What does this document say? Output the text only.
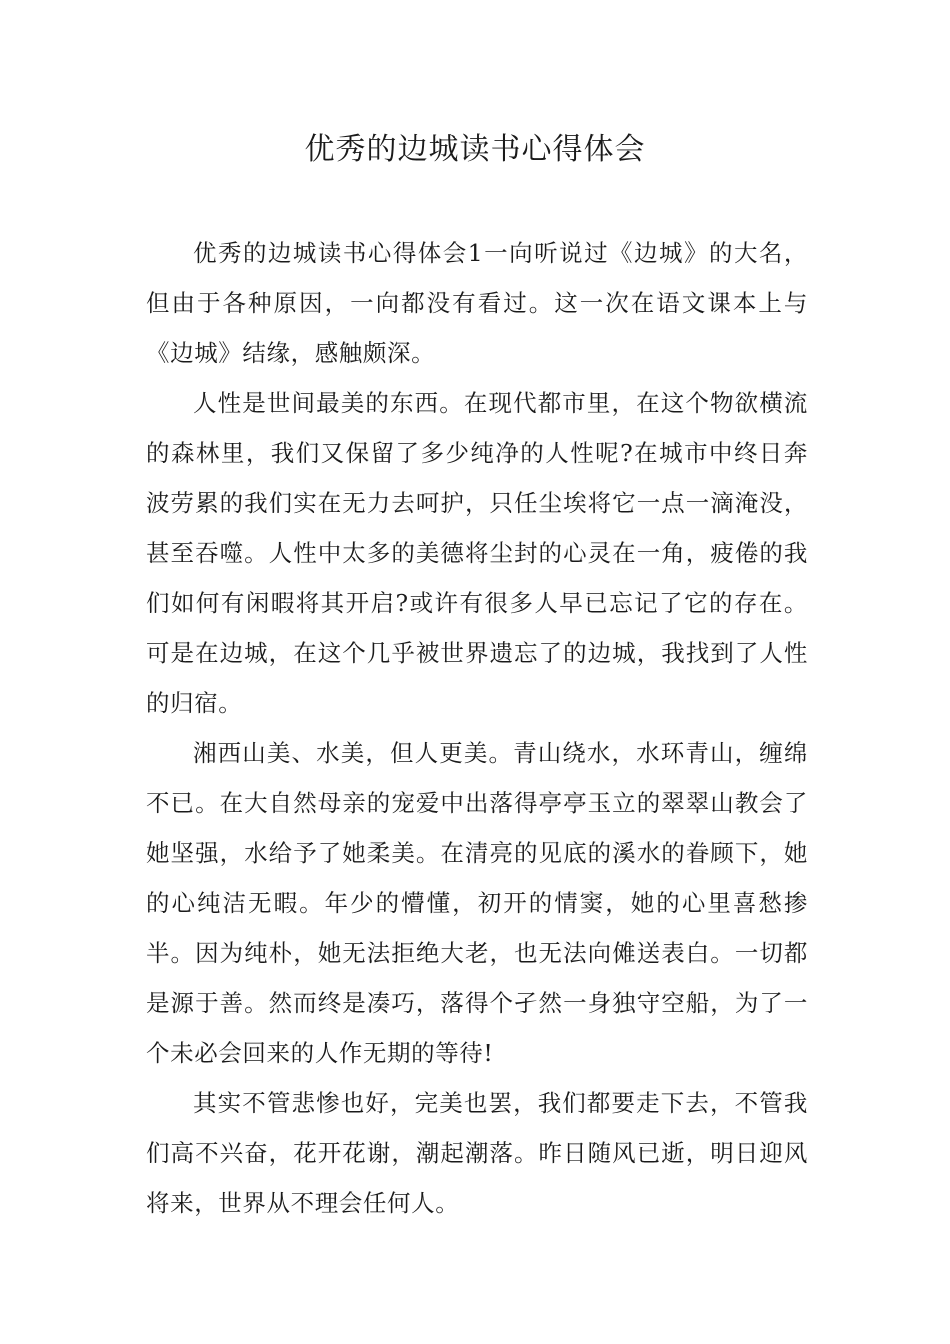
优秀的边城读书心得体会

优秀的边城读书心得体会1一向听说过《边城》的大名，但由于各种原因，一向都没有看过。这一次在语文课本上与《边城》结缘，感触颇深。

人性是世间最美的东西。在现代都市里，在这个物欲横流的森林里，我们又保留了多少纯净的人性呢?在城市中终日奔波劳累的我们实在无力去呵护，只任尘埃将它一点一滴淹没，甚至吞噬。人性中太多的美德将尘封的心灵在一角，疲倦的我们如何有闲暇将其开启?或许有很多人早已忘记了它的存在。可是在边城，在这个几乎被世界遗忘了的边城，我找到了人性的归宿。

湘西山美、水美，但人更美。青山绕水，水环青山，缠绵不已。在大自然母亲的宠爱中出落得亭亭玉立的翠翠山教会了她坚强，水给予了她柔美。在清亮的见底的溪水的眷顾下，她的心纯洁无暇。年少的懵懂，初开的情窦，她的心里喜愁掺半。因为纯朴，她无法拒绝大老，也无法向傩送表白。一切都是源于善。然而终是凑巧，落得个孑然一身独守空船，为了一个未必会回来的人作无期的等待!

其实不管悲惨也好，完美也罢，我们都要走下去，不管我们高不兴奋，花开花谢，潮起潮落。昨日随风已逝，明日迎风将来，世界从不理会任何人。
